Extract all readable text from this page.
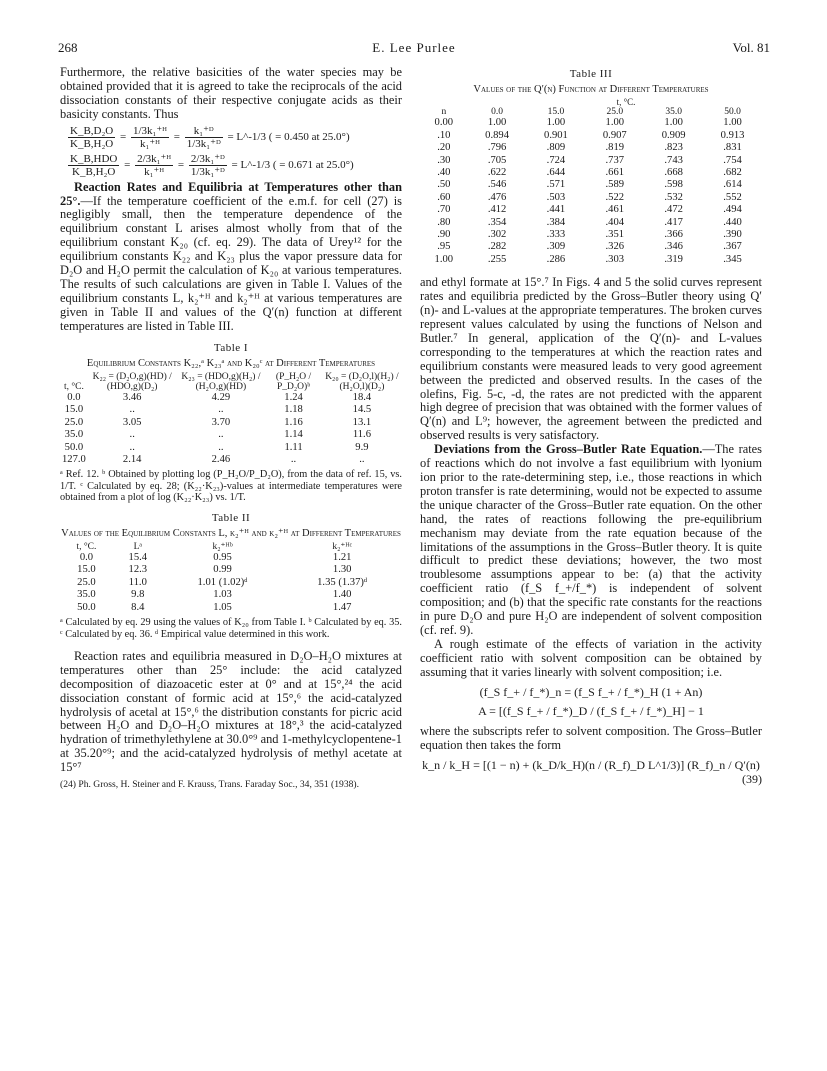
268	E. Lee Purlee	Vol. 81

Furthermore, the relative basicities of the water species may be obtained provided that it is agreed to take the reciprocals of the acid dissociation constants of their respective conjugate acids as their basicity constants. Thus

$\frac{\text{K\_B,D₂O}}{\text{K\_B,H₂O}} = \frac{\text{1/3k₁⁺ᴴ}}{\text{k₁⁺ᴴ}} = \frac{\text{k₁⁺ᴰ}}{\text{1/3k₁⁺ᴰ}}$ = L^-1/3 ( = 0.450 at 25.0°)
$\frac{\text{K\_B,HDO}}{\text{K\_B,H₂O}} = \frac{\text{2/3k₁⁺ᴴ}}{\text{k₁⁺ᴴ}} = \frac{\text{2/3k₁⁺ᴰ}}{\text{1/3k₁⁺ᴰ}}$ = L^-1/3 ( = 0.671 at 25.0°)

Reaction Rates and Equilibria at Temperatures other than 25°.—If the temperature coefficient of the e.m.f. for cell (27) is negligibly small, then the temperature dependence of the equilibrium constant L arises almost wholly from that of the equilibrium constant K₂₀ (cf. eq. 29). The data of Urey¹² for the equilibrium constants K₂₂ and K₂₃ plus the vapor pressure data for D₂O and H₂O permit the calculation of K₂₀ at various temperatures. The results of such calculations are given in Table I. Values of the equilibrium constants L, k₂⁺ᴴ and k₂⁺ᴴ at various temperatures are given in Table II and values of the Q′(n) function at different temperatures are listed in Table III.

Table I
Equilibrium Constants K₂₂,ᵃ K₂₃ᵃ and K₂₀ᶜ at Different Temperatures
t, °C.	K₂₂ = (D₂O,g)(HD) / (HDO,g)(D₂)	K₂₃ = (HDO,g)(H₂) / (H₂O,g)(HD)	(P_H₂O / P_D₂O)ᵇ	K₂₀ = (D₂O,l)(H₂) / (H₂O,l)(D₂)
0.0	3.46	4.29	1.24	18.4
15.0	..	..	1.18	14.5
25.0	3.05	3.70	1.16	13.1
35.0	..	..	1.14	11.6
50.0	..	..	1.11	9.9
127.0	2.14	2.46	..	..
ᵃ Ref. 12. ᵇ Obtained by plotting log (P_H₂O/P_D₂O), from the data of ref. 15, vs. 1/T. ᶜ Calculated by eq. 28; (K₂₂·K₂₃)-values at intermediate temperatures were obtained from a plot of log (K₂₂·K₂₃) vs. 1/T.
Table II
Values of the Equilibrium Constants L, k₂⁺ᴴ and k₂⁺ᴴ at Different Temperatures
t, °C.	Lᵃ	k₂⁺ᴴᵇ	k₂⁺ᴴᶜ
0.0	15.4	0.95	1.21
15.0	12.3	0.99	1.30
25.0	11.0	1.01 (1.02)ᵈ	1.35 (1.37)ᵈ
35.0	9.8	1.03	1.40
50.0	8.4	1.05	1.47
ᵃ Calculated by eq. 29 using the values of K₂₀ from Table I. ᵇ Calculated by eq. 35. ᶜ Calculated by eq. 36. ᵈ Empirical value determined in this work.

Reaction rates and equilibria measured in D₂O–H₂O mixtures at temperatures other than 25° include: the acid catalyzed decomposition of diazoacetic ester at 0° and at 15°,²⁴ the acid dissociation constant of formic acid at 15°,⁶ the acid-catalyzed hydrolysis of acetal at 15°,⁶ the distribution constants for picric acid between H₂O and D₂O–H₂O mixtures at 18°,³ the acid-catalyzed hydration of trimethylethylene at 30.0°⁹ and 1-methylcyclopentene-1 at 35.20°⁹; and the acid-catalyzed hydrolysis of methyl acetate at 15°⁷

(24) Ph. Gross, H. Steiner and F. Krauss, Trans. Faraday Soc., 34, 351 (1938).
Table III
Values of the Q′(n) Function at Different Temperatures
t, °C.
n	0.0	15.0	25.0	35.0	50.0
0.00	1.00	1.00	1.00	1.00	1.00
.10	0.894	0.901	0.907	0.909	0.913
.20	.796	.809	.819	.823	.831
.30	.705	.724	.737	.743	.754
.40	.622	.644	.661	.668	.682
.50	.546	.571	.589	.598	.614
.60	.476	.503	.522	.532	.552
.70	.412	.441	.461	.472	.494
.80	.354	.384	.404	.417	.440
.90	.302	.333	.351	.366	.390
.95	.282	.309	.326	.346	.367
1.00	.255	.286	.303	.319	.345

and ethyl formate at 15°.⁷ In Figs. 4 and 5 the solid curves represent rates and equilibria predicted by the Gross–Butler theory using Q′(n)- and L-values at the appropriate temperatures. The broken curves represent values calculated by using the functions of Nelson and Butler.⁷ In general, application of the Q′(n)- and L-values corresponding to the temperatures at which the reaction rates and equilibrium constants were measured leads to very good agreement between the predicted and observed results. In the cases of the olefins, Fig. 5-c, -d, the rates are not predicted with the apparent high degree of precision that was obtained with the former values of Q′(n) and L⁹; however, the agreement between the predicted and observed results is very satisfactory.

Deviations from the Gross–Butler Rate Equation.—The rates of reactions which do not involve a fast equilibrium with lyonium ion prior to the rate-determining step, i.e., those reactions in which proton transfer is rate determining, would not be expected to assume the unique character of the Gross–Butler rate equation. On the other hand, the rates of reactions following the pre-equilibrium mechanism may deviate from the rate equation because of the limitations of the assumptions in the Gross–Butler theory. It is quite difficult to predict these deviations; however, the two most troublesome assumptions appear to be: (a) that the activity coefficient ratio (f_S f_+/f_*) is independent of solvent composition; and (b) that the specific rate constants for the reactions in pure D₂O and pure H₂O are independent of solvent composition (cf. ref. 9).

A rough estimate of the effects of variation in the activity coefficient ratio with solvent composition can be obtained by assuming that it varies linearly with solvent composition; i.e.

(f_S f_+ / f_*)_n = (f_S f_+ / f_*)_H (1 + An)
A = [(f_S f_+ / f_*)_D / (f_S f_+ / f_*)_H] − 1

where the subscripts refer to solvent composition. The Gross–Butler equation then takes the form

k_n / k_H = [(1 − n) + (k_D/k_H)(n / (R_f)_D L^1/3)] (R_f)_n / Q′(n)
(39)
